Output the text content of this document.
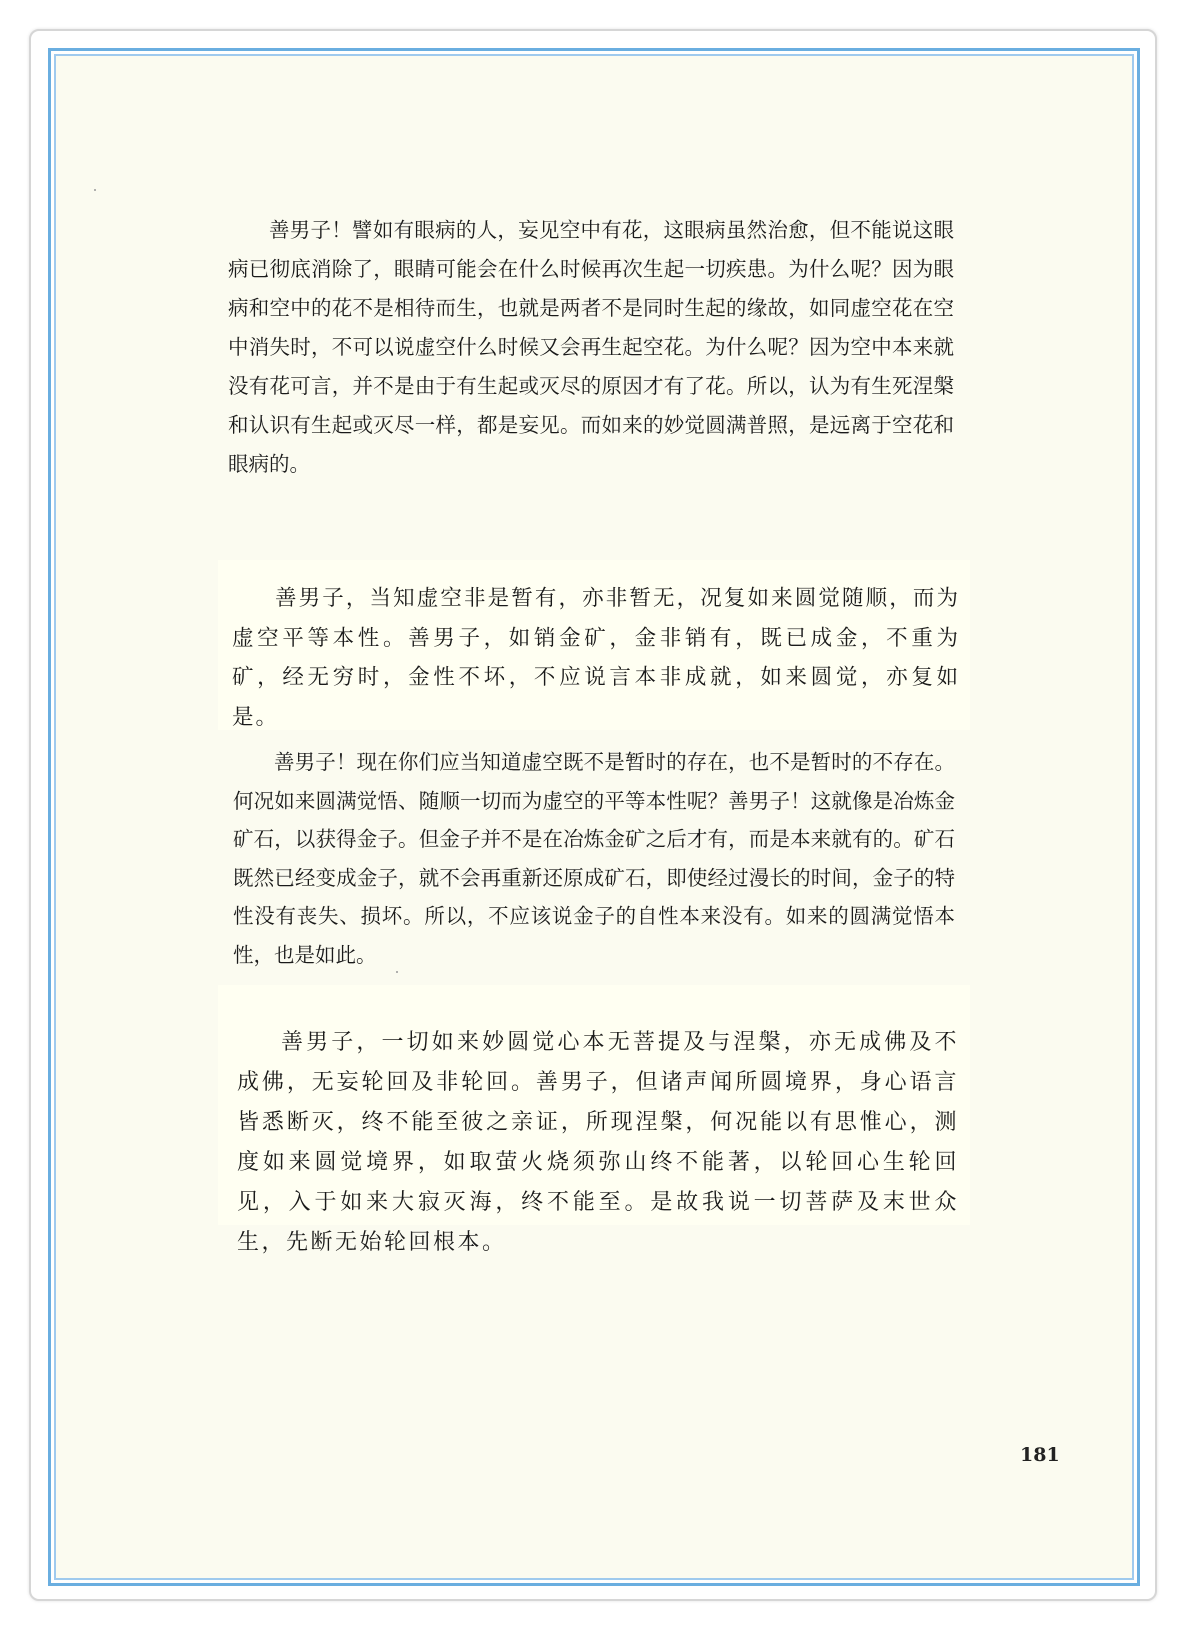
善男子！譬如有眼病的人，妄见空中有花，这眼病虽然治愈，但不能说这眼病已彻底消除了，眼睛可能会在什么时候再次生起一切疾患。为什么呢？因为眼病和空中的花不是相待而生，也就是两者不是同时生起的缘故，如同虚空花在空中消失时，不可以说虚空什么时候又会再生起空花。为什么呢？因为空中本来就没有花可言，并不是由于有生起或灭尽的原因才有了花。所以，认为有生死涅槃和认识有生起或灭尽一样，都是妄见。而如来的妙觉圆满普照，是远离于空花和眼病的。

善男子，当知虚空非是暂有，亦非暂无，况复如来圆觉随顺，而为虚空平等本性。善男子，如销金矿，金非销有，既已成金，不重为矿，经无穷时，金性不坏，不应说言本非成就，如来圆觉，亦复如是。

善男子！现在你们应当知道虚空既不是暂时的存在，也不是暂时的不存在。何况如来圆满觉悟、随顺一切而为虚空的平等本性呢？善男子！这就像是冶炼金矿石，以获得金子。但金子并不是在冶炼金矿之后才有，而是本来就有的。矿石既然已经变成金子，就不会再重新还原成矿石，即使经过漫长的时间，金子的特性没有丧失、损坏。所以，不应该说金子的自性本来没有。如来的圆满觉悟本性，也是如此。

善男子，一切如来妙圆觉心本无菩提及与涅槃，亦无成佛及不成佛，无妄轮回及非轮回。善男子，但诸声闻所圆境界，身心语言皆悉断灭，终不能至彼之亲证，所现涅槃，何况能以有思惟心，测度如来圆觉境界，如取萤火烧须弥山终不能著，以轮回心生轮回见，入于如来大寂灭海，终不能至。是故我说一切菩萨及末世众生，先断无始轮回根本。

181
